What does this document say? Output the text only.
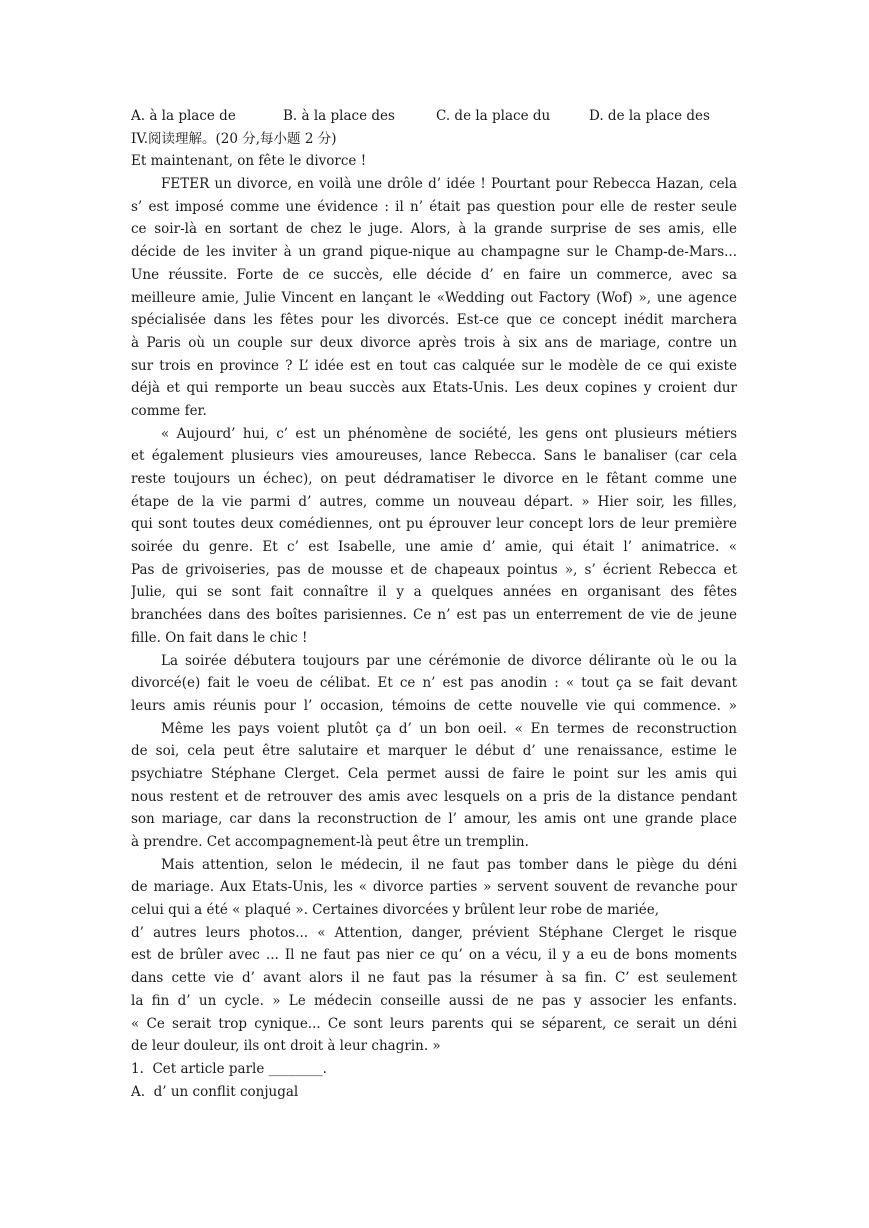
A. à la place de	B. à la place des	C. de la place du	D. de la place des
IV.阅读理解。(20 分,每小题 2 分)
Et maintenant, on fête le divorce !
FETER un divorce, en voilà une drôle d’ idée ! Pourtant pour Rebecca Hazan, cela
s’ est imposé comme une évidence : il n’ était pas question pour elle de rester seule
ce soir-là en sortant de chez le juge. Alors, à la grande surprise de ses amis, elle
décide de les inviter à un grand pique-nique au champagne sur le Champ-de-Mars...
Une réussite. Forte de ce succès, elle décide d’ en faire un commerce, avec sa
meilleure amie, Julie Vincent en lançant le «Wedding out Factory (Wof) », une agence
spécialisée dans les fêtes pour les divorcés. Est-ce que ce concept inédit marchera
à Paris où un couple sur deux divorce après trois à six ans de mariage, contre un
sur trois en province ? L’ idée est en tout cas calquée sur le modèle de ce qui existe
déjà et qui remporte un beau succès aux Etats-Unis. Les deux copines y croient dur
comme fer.
« Aujourd’ hui, c’ est un phénomène de société, les gens ont plusieurs métiers
et également plusieurs vies amoureuses, lance Rebecca. Sans le banaliser (car cela
reste toujours un échec), on peut dédramatiser le divorce en le fêtant comme une
étape de la vie parmi d’ autres, comme un nouveau départ. » Hier soir, les filles,
qui sont toutes deux comédiennes, ont pu éprouver leur concept lors de leur première
soirée du genre. Et c’ est Isabelle, une amie d’ amie, qui était l’ animatrice. «
Pas de grivoiseries, pas de mousse et de chapeaux pointus », s’ écrient Rebecca et
Julie, qui se sont fait connaître il y a quelques années en organisant des fêtes
branchées dans des boîtes parisiennes. Ce n’ est pas un enterrement de vie de jeune
fille. On fait dans le chic !
La soirée débutera toujours par une cérémonie de divorce délirante où le ou la
divorcé(e) fait le voeu de célibat. Et ce n’ est pas anodin : « tout ça se fait devant
leurs amis réunis pour l’ occasion, témoins de cette nouvelle vie qui commence. »
Même les pays voient plutôt ça d’ un bon oeil. « En termes de reconstruction
de soi, cela peut être salutaire et marquer le début d’ une renaissance, estime le
psychiatre Stéphane Clerget. Cela permet aussi de faire le point sur les amis qui
nous restent et de retrouver des amis avec lesquels on a pris de la distance pendant
son mariage, car dans la reconstruction de l’ amour, les amis ont une grande place
à prendre. Cet accompagnement-là peut être un tremplin.
Mais attention, selon le médecin, il ne faut pas tomber dans le piège du déni
de mariage. Aux Etats-Unis, les « divorce parties » servent souvent de revanche pour
celui qui a été « plaqué ». Certaines divorcées y brûlent leur robe de mariée,
d’ autres leurs photos... « Attention, danger, prévient Stéphane Clerget le risque
est de brûler avec ... Il ne faut pas nier ce qu’ on a vécu, il y a eu de bons moments
dans cette vie d’ avant alors il ne faut pas la résumer à sa fin. C’ est seulement
la fin d’ un cycle. » Le médecin conseille aussi de ne pas y associer les enfants.
« Ce serait trop cynique... Ce sont leurs parents qui se séparent, ce serait un déni
de leur douleur, ils ont droit à leur chagrin. »
1.  Cet article parle ________.
A.  d’ un conflit conjugal
